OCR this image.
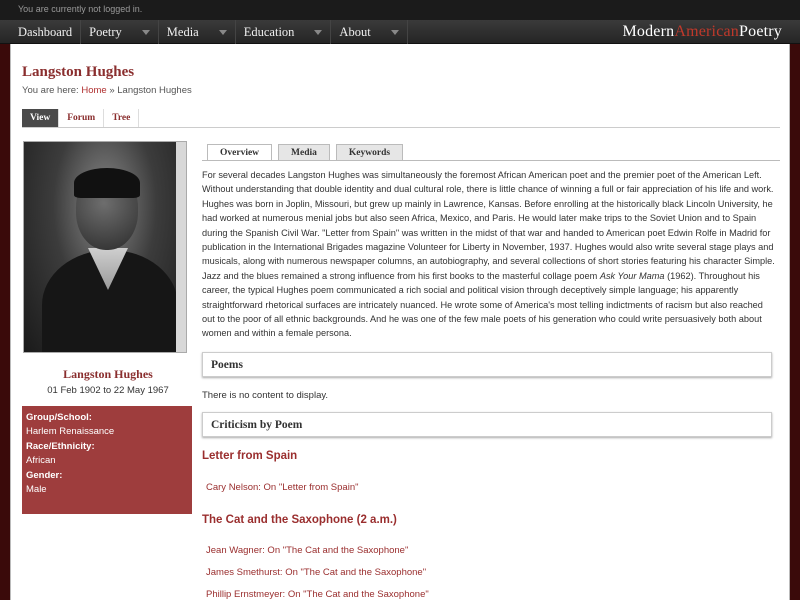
You are currently not logged in.
Dashboard Poetry	Media	Education	About	ModernAmericanPoetry
Langston Hughes
You are here: Home » Langston Hughes
View	Forum	Tree
Langston Hughes
01 Feb 1902 to 22 May 1967
Group/School:
Harlem Renaissance
Race/Ethnicity:
African
Gender:
Male
Overview	Media	Keywords
For several decades Langston Hughes was simultaneously the foremost African American poet and the premier poet of the American Left. Without understanding that double identity and dual cultural role, there is little chance of winning a full or fair appreciation of his life and work. Hughes was born in Joplin, Missouri, but grew up mainly in Lawrence, Kansas. Before enrolling at the historically black Lincoln University, he had worked at numerous menial jobs but also seen Africa, Mexico, and Paris. He would later make trips to the Soviet Union and to Spain during the Spanish Civil War. "Letter from Spain" was written in the midst of that war and handed to American poet Edwin Rolfe in Madrid for publication in the International Brigades magazine Volunteer for Liberty in November, 1937. Hughes would also write several stage plays and musicals, along with numerous newspaper columns, an autobiography, and several collections of short stories featuring his character Simple. Jazz and the blues remained a strong influence from his first books to the masterful collage poem Ask Your Mama (1962). Throughout his career, the typical Hughes poem communicated a rich social and political vision through deceptively simple language; his apparently straightforward rhetorical surfaces are intricately nuanced. He wrote some of America's most telling indictments of racism but also reached out to the poor of all ethnic backgrounds. And he was one of the few male poets of his generation who could write persuasively both about women and within a female persona.
Poems
There is no content to display.
Criticism by Poem
Letter from Spain
Cary Nelson: On "Letter from Spain"
The Cat and the Saxophone (2 a.m.)
Jean Wagner: On "The Cat and the Saxophone"
James Smethurst: On "The Cat and the Saxophone"
Phillip Ernstmeyer: On "The Cat and the Saxophone"
